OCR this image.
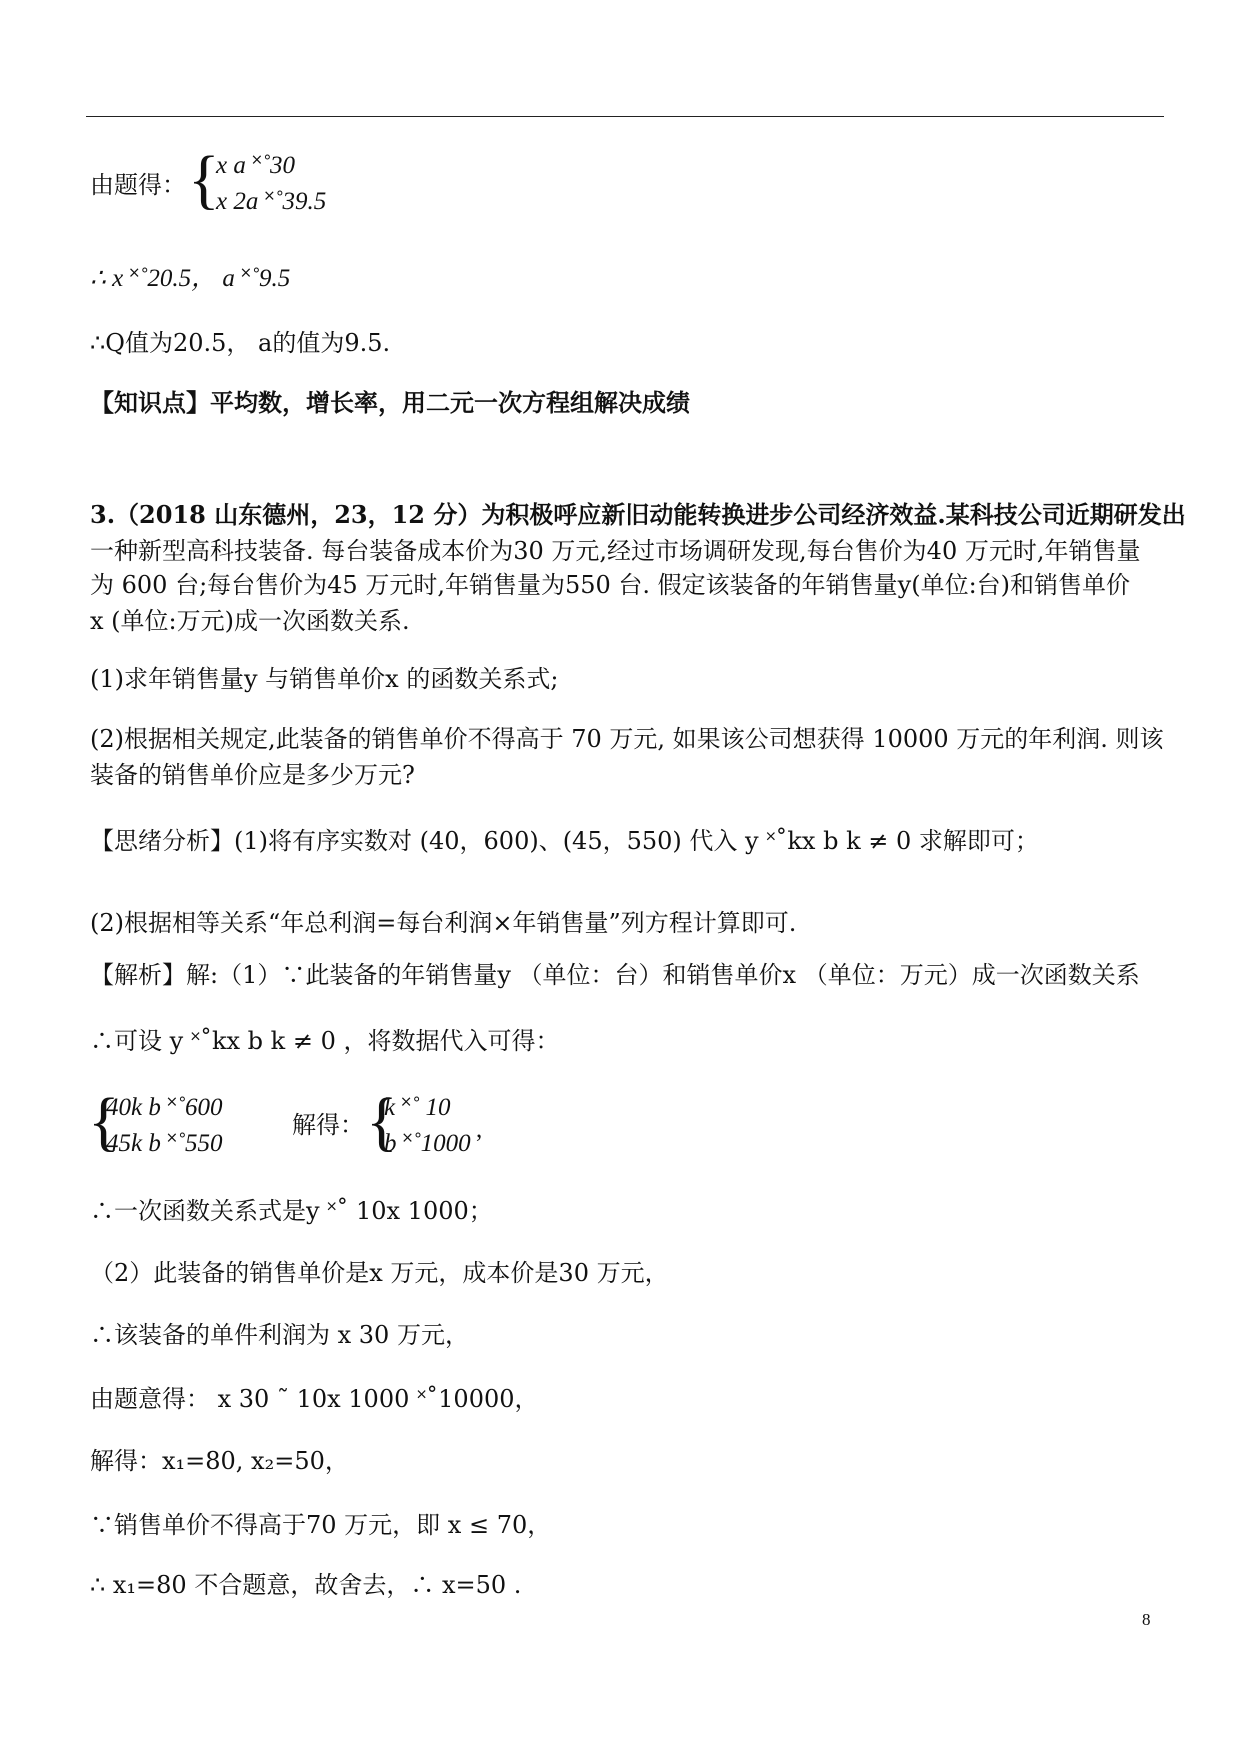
由题得： {
x a ˟˚30
x 2a ˟˚39.5
∴ x ˟˚20.5， a ˟˚9.5
∴Q值为20.5， a的值为9.5.
【知识点】平均数，增长率，用二元一次方程组解决成绩
3.（2018 山东德州，23，12 分）为积极呼应新旧动能转换进步公司经济效益.某科技公司近期研发出
一种新型高科技装备. 每台装备成本价为30 万元,经过市场调研发现,每台售价为40 万元时,年销售量
为 600 台;每台售价为45 万元时,年销售量为550 台. 假定该装备的年销售量y(单位:台)和销售单价
x (单位:万元)成一次函数关系.
(1)求年销售量y 与销售单价x 的函数关系式;
(2)根据相关规定,此装备的销售单价不得高于 70 万元, 如果该公司想获得 10000 万元的年利润. 则该
装备的销售单价应是多少万元?
【思绪分析】(1)将有序实数对 (40，600)、(45，550) 代入 y ˟˚kx b k ≠ 0 求解即可；
(2)根据相等关系“年总利润=每台利润×年销售量”列方程计算即可.
【解析】解:（1）∵此装备的年销售量y （单位：台）和销售单价x （单位：万元）成一次函数关系
∴可设 y ˟˚kx b k ≠ 0 ，将数据代入可得：
{
40k b ˟˚600
45k b ˟˚550
解得： {
k ˟˚ 10
b ˟˚1000
,
∴一次函数关系式是y ˟˚ 10x 1000；
（2）此装备的销售单价是x 万元，成本价是30 万元，
∴该装备的单件利润为 x 30 万元，
由题意得： x 30 ˜ 10x 1000 ˟˚10000，
解得：x₁=80, x₂=50，
∵销售单价不得高于70 万元，即 x ≤ 70，
∴ x₁=80 不合题意，故舍去，∴ x=50 .
8
